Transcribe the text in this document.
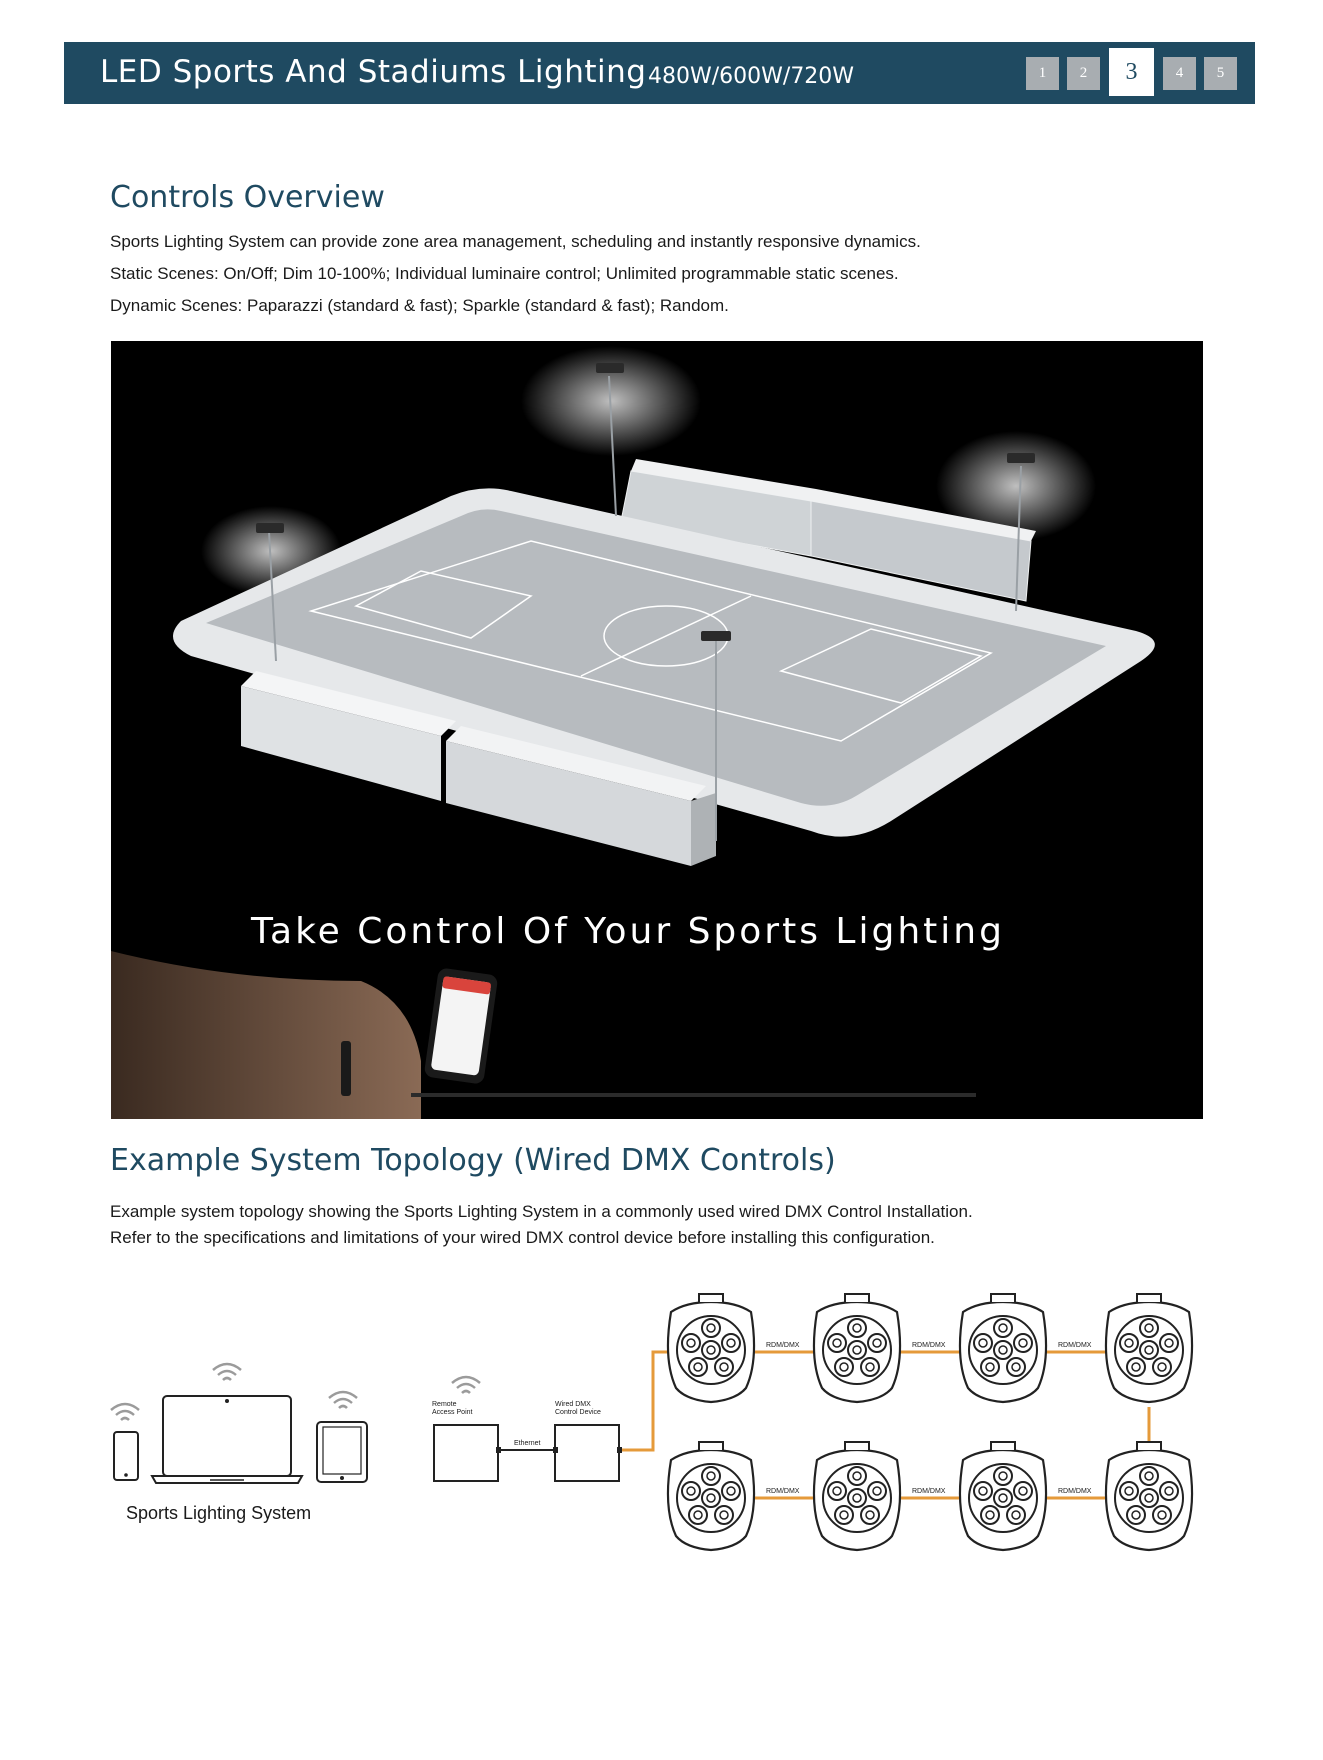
LED Sports And Stadiums Lighting 480W/600W/720W	1	2	3	4	5
Controls Overview
Sports Lighting System can provide zone area management, scheduling and instantly responsive dynamics.
Static Scenes: On/Off; Dim 10-100%; Individual luminaire control; Unlimited programmable static scenes.
Dynamic Scenes: Paparazzi (standard & fast); Sparkle (standard & fast); Random.
Take Control Of Your Sports Lighting
Example System Topology (Wired DMX Controls)
Example system topology showing the Sports Lighting System in a commonly used wired DMX Control Installation.
Refer to the specifications and limitations of your wired DMX control device before installing this configuration.
Remote
Access Point
Wired DMX
Control Device
Ethernet
RDM/DMX	RDM/DMX	RDM/DMX
RDM/DMX	RDM/DMX	RDM/DMX
Sports Lighting System
